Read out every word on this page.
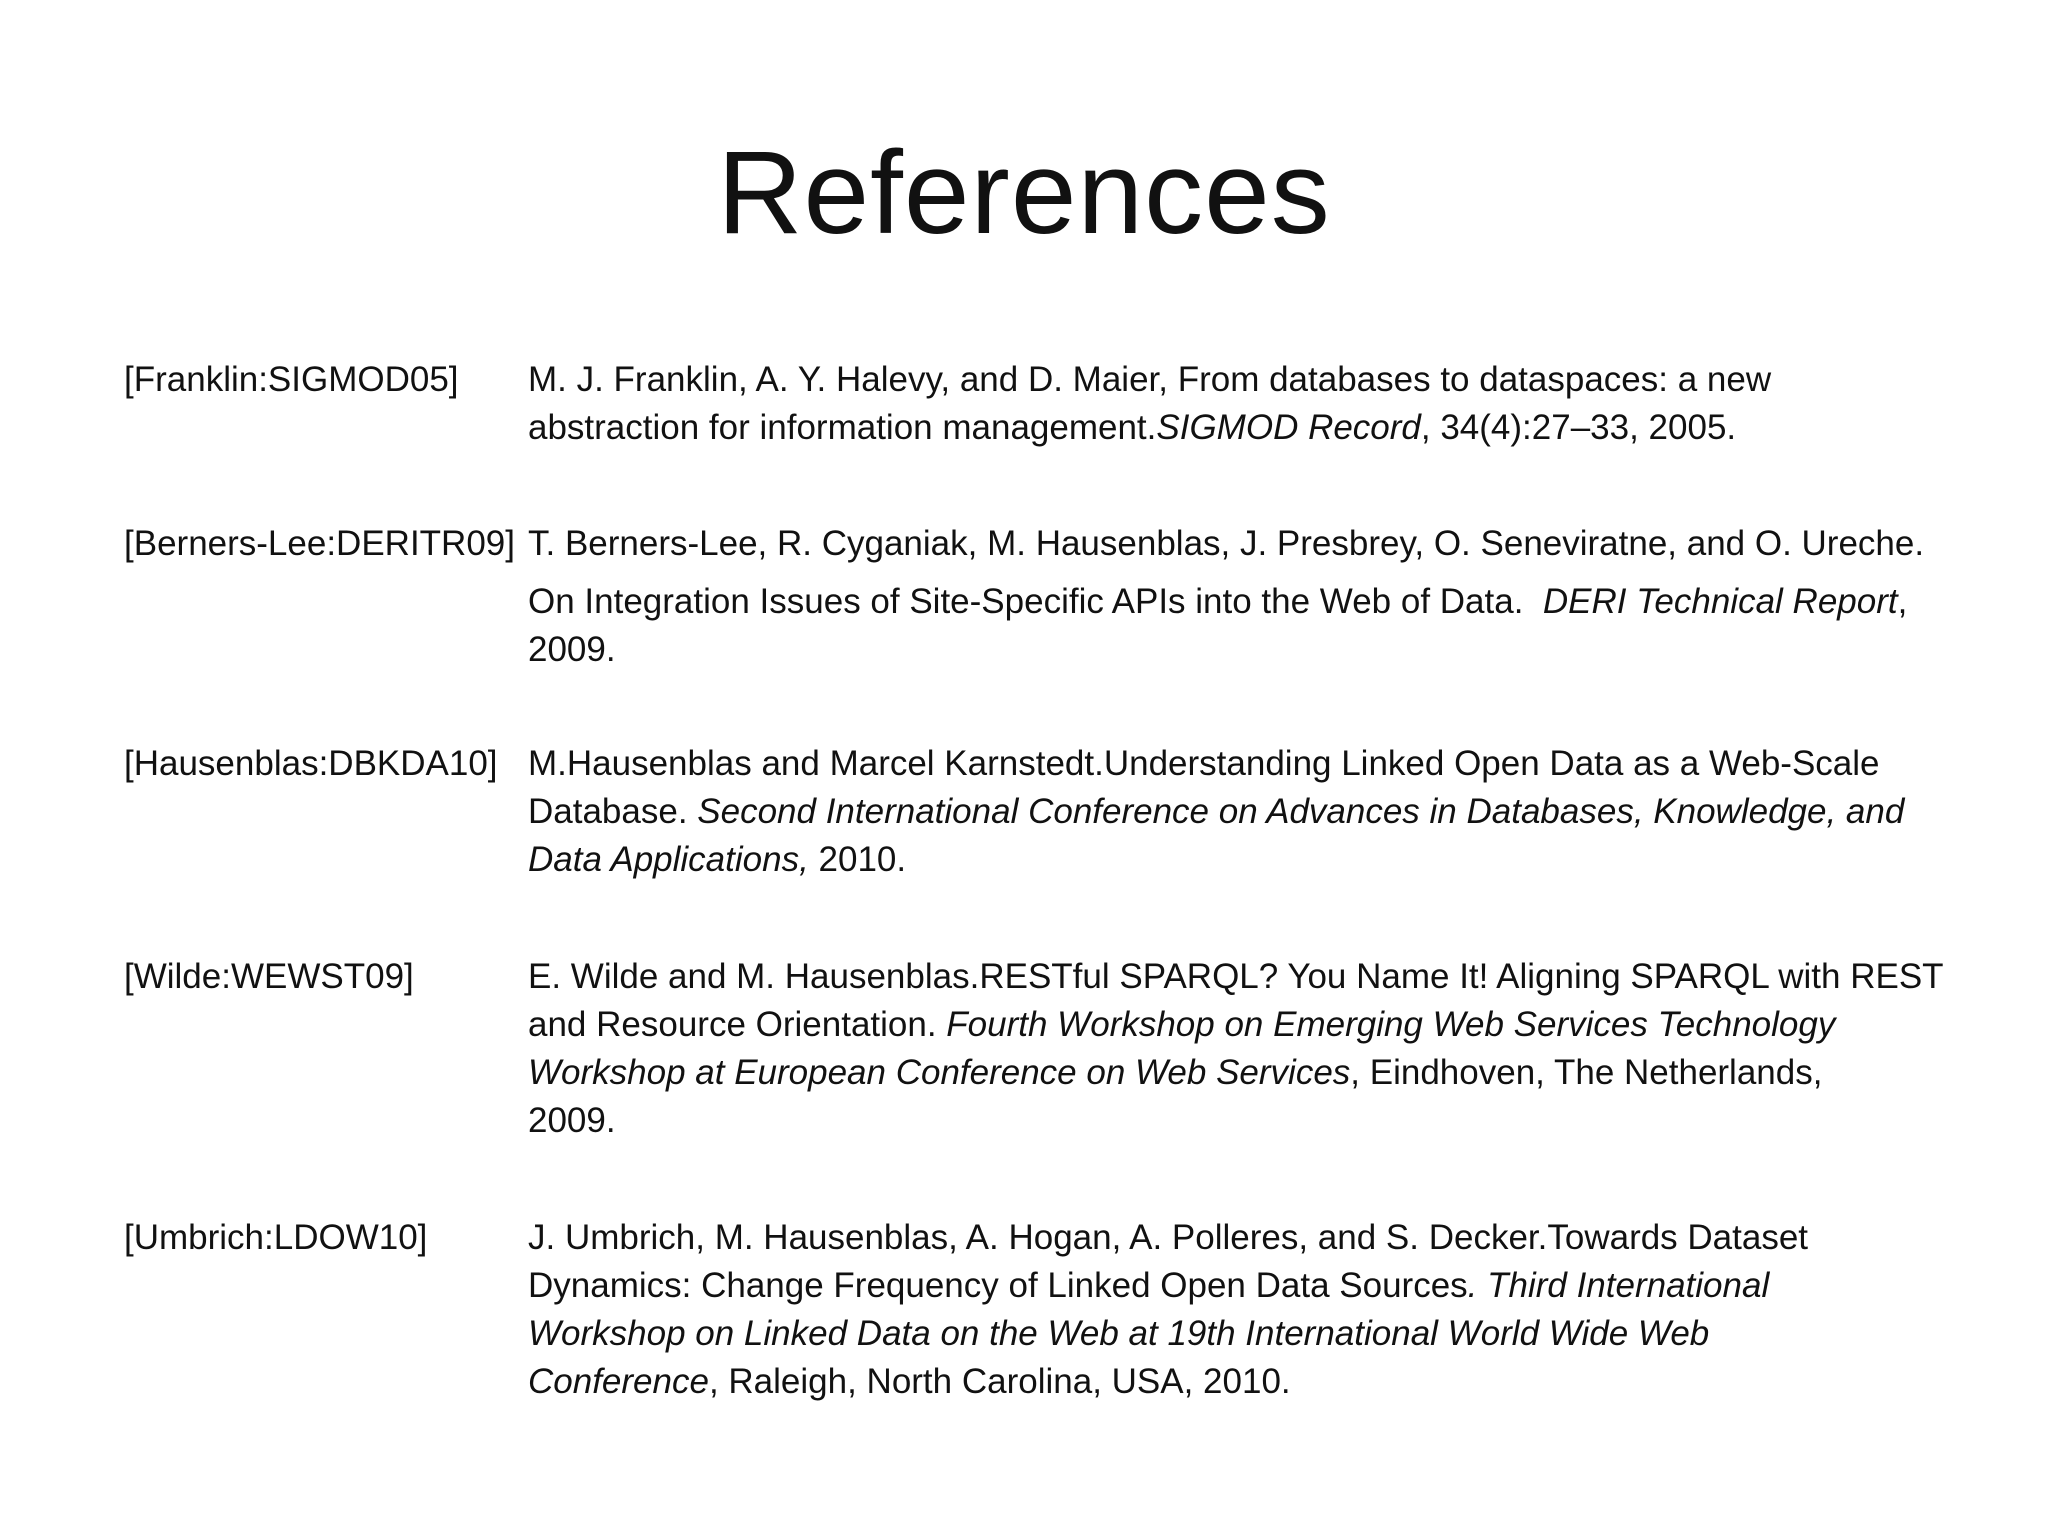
References
[Franklin:SIGMOD05] M. J. Franklin, A. Y. Halevy, and D. Maier, From databases to dataspaces: a new
abstraction for information management.SIGMOD Record, 34(4):27–33, 2005.
[Berners-Lee:DERITR09] T. Berners-Lee, R. Cyganiak, M. Hausenblas, J. Presbrey, O. Seneviratne, and O. Ureche.
On Integration Issues of Site-Specific APIs into the Web of Data.  DERI Technical Report,
2009.
[Hausenblas:DBKDA10] M.Hausenblas and Marcel Karnstedt.Understanding Linked Open Data as a Web-Scale
Database. Second International Conference on Advances in Databases, Knowledge, and
Data Applications, 2010.
[Wilde:WEWST09]	E. Wilde and M. Hausenblas.RESTful SPARQL? You Name It! Aligning SPARQL with REST
and Resource Orientation. Fourth Workshop on Emerging Web Services Technology
Workshop at European Conference on Web Services, Eindhoven, The Netherlands,
2009.
[Umbrich:LDOW10]	J. Umbrich, M. Hausenblas, A. Hogan, A. Polleres, and S. Decker.Towards Dataset
Dynamics: Change Frequency of Linked Open Data Sources. Third International
Workshop on Linked Data on the Web at 19th International World Wide Web
Conference, Raleigh, North Carolina, USA, 2010.
